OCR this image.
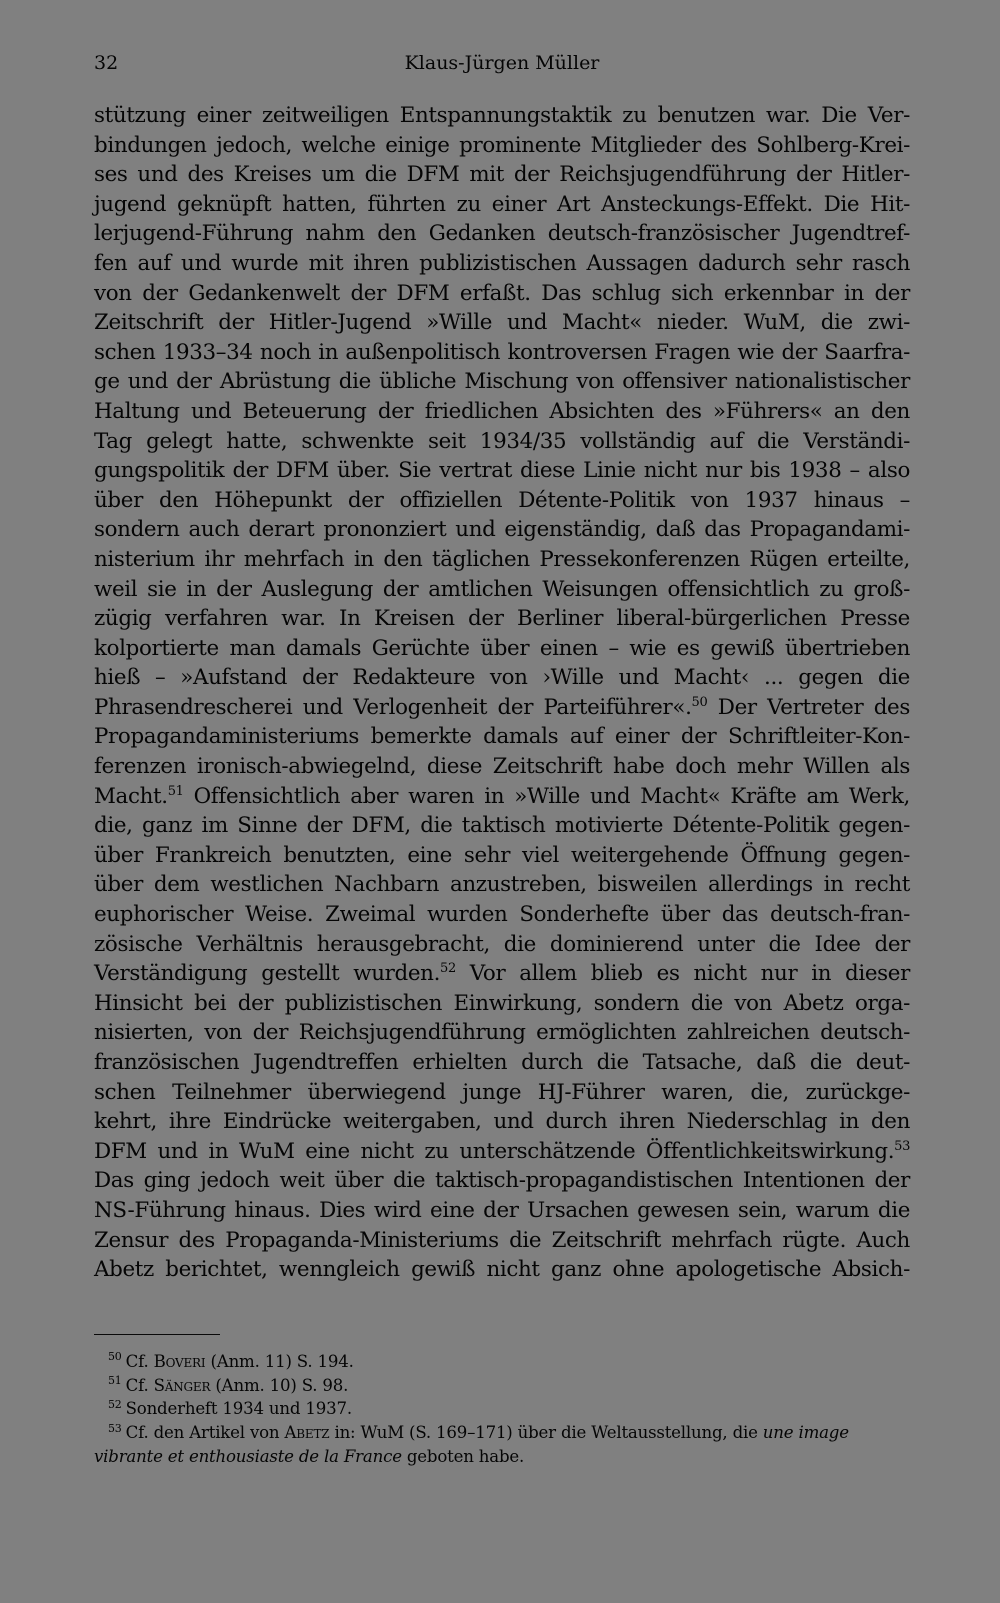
32	Klaus-Jürgen Müller
stützung einer zeitweiligen Entspannungstaktik zu benutzen war. Die Ver-
bindungen jedoch, welche einige prominente Mitglieder des Sohlberg-Krei-
ses und des Kreises um die DFM mit der Reichsjugendführung der Hitler-
jugend geknüpft hatten, führten zu einer Art Ansteckungs-Effekt. Die Hit-
lerjugend-Führung nahm den Gedanken deutsch-französischer Jugendtref-
fen auf und wurde mit ihren publizistischen Aussagen dadurch sehr rasch
von der Gedankenwelt der DFM erfaßt. Das schlug sich erkennbar in der
Zeitschrift der Hitler-Jugend »Wille und Macht« nieder. WuM, die zwi-
schen 1933–34 noch in außenpolitisch kontroversen Fragen wie der Saarfra-
ge und der Abrüstung die übliche Mischung von offensiver nationalistischer
Haltung und Beteuerung der friedlichen Absichten des »Führers« an den
Tag gelegt hatte, schwenkte seit 1934/35 vollständig auf die Verständi-
gungspolitik der DFM über. Sie vertrat diese Linie nicht nur bis 1938 – also
über den Höhepunkt der offiziellen Détente-Politik von 1937 hinaus –
sondern auch derart prononziert und eigenständig, daß das Propagandami-
nisterium ihr mehrfach in den täglichen Pressekonferenzen Rügen erteilte,
weil sie in der Auslegung der amtlichen Weisungen offensichtlich zu groß-
zügig verfahren war. In Kreisen der Berliner liberal-bürgerlichen Presse
kolportierte man damals Gerüchte über einen – wie es gewiß übertrieben
hieß – »Aufstand der Redakteure von ›Wille und Macht‹ ... gegen die
Phrasendrescherei und Verlogenheit der Parteiführer«.$^{50}$ Der Vertreter des
Propagandaministeriums bemerkte damals auf einer der Schriftleiter-Kon-
ferenzen ironisch-abwiegelnd, diese Zeitschrift habe doch mehr Willen als
Macht.$^{51}$ Offensichtlich aber waren in »Wille und Macht« Kräfte am Werk,
die, ganz im Sinne der DFM, die taktisch motivierte Détente-Politik gegen-
über Frankreich benutzten, eine sehr viel weitergehende Öffnung gegen-
über dem westlichen Nachbarn anzustreben, bisweilen allerdings in recht
euphorischer Weise. Zweimal wurden Sonderhefte über das deutsch-fran-
zösische Verhältnis herausgebracht, die dominierend unter die Idee der
Verständigung gestellt wurden.$^{52}$ Vor allem blieb es nicht nur in dieser
Hinsicht bei der publizistischen Einwirkung, sondern die von Abetz orga-
nisierten, von der Reichsjugendführung ermöglichten zahlreichen deutsch-
französischen Jugendtreffen erhielten durch die Tatsache, daß die deut-
schen Teilnehmer überwiegend junge HJ-Führer waren, die, zurückge-
kehrt, ihre Eindrücke weitergaben, und durch ihren Niederschlag in den
DFM und in WuM eine nicht zu unterschätzende Öffentlichkeitswirkung.$^{53}$
Das ging jedoch weit über die taktisch-propagandistischen Intentionen der
NS-Führung hinaus. Dies wird eine der Ursachen gewesen sein, warum die
Zensur des Propaganda-Ministeriums die Zeitschrift mehrfach rügte. Auch
Abetz berichtet, wenngleich gewiß nicht ganz ohne apologetische Absich-
$^{50}$ Cf. Boveri (Anm. 11) S. 194.
$^{51}$ Cf. Sänger (Anm. 10) S. 98.
$^{52}$ Sonderheft 1934 und 1937.
$^{53}$ Cf. den Artikel von Abetz in: WuM (S. 169–171) über die Weltausstellung, die une image
vibrante et enthousiaste de la France geboten habe.
